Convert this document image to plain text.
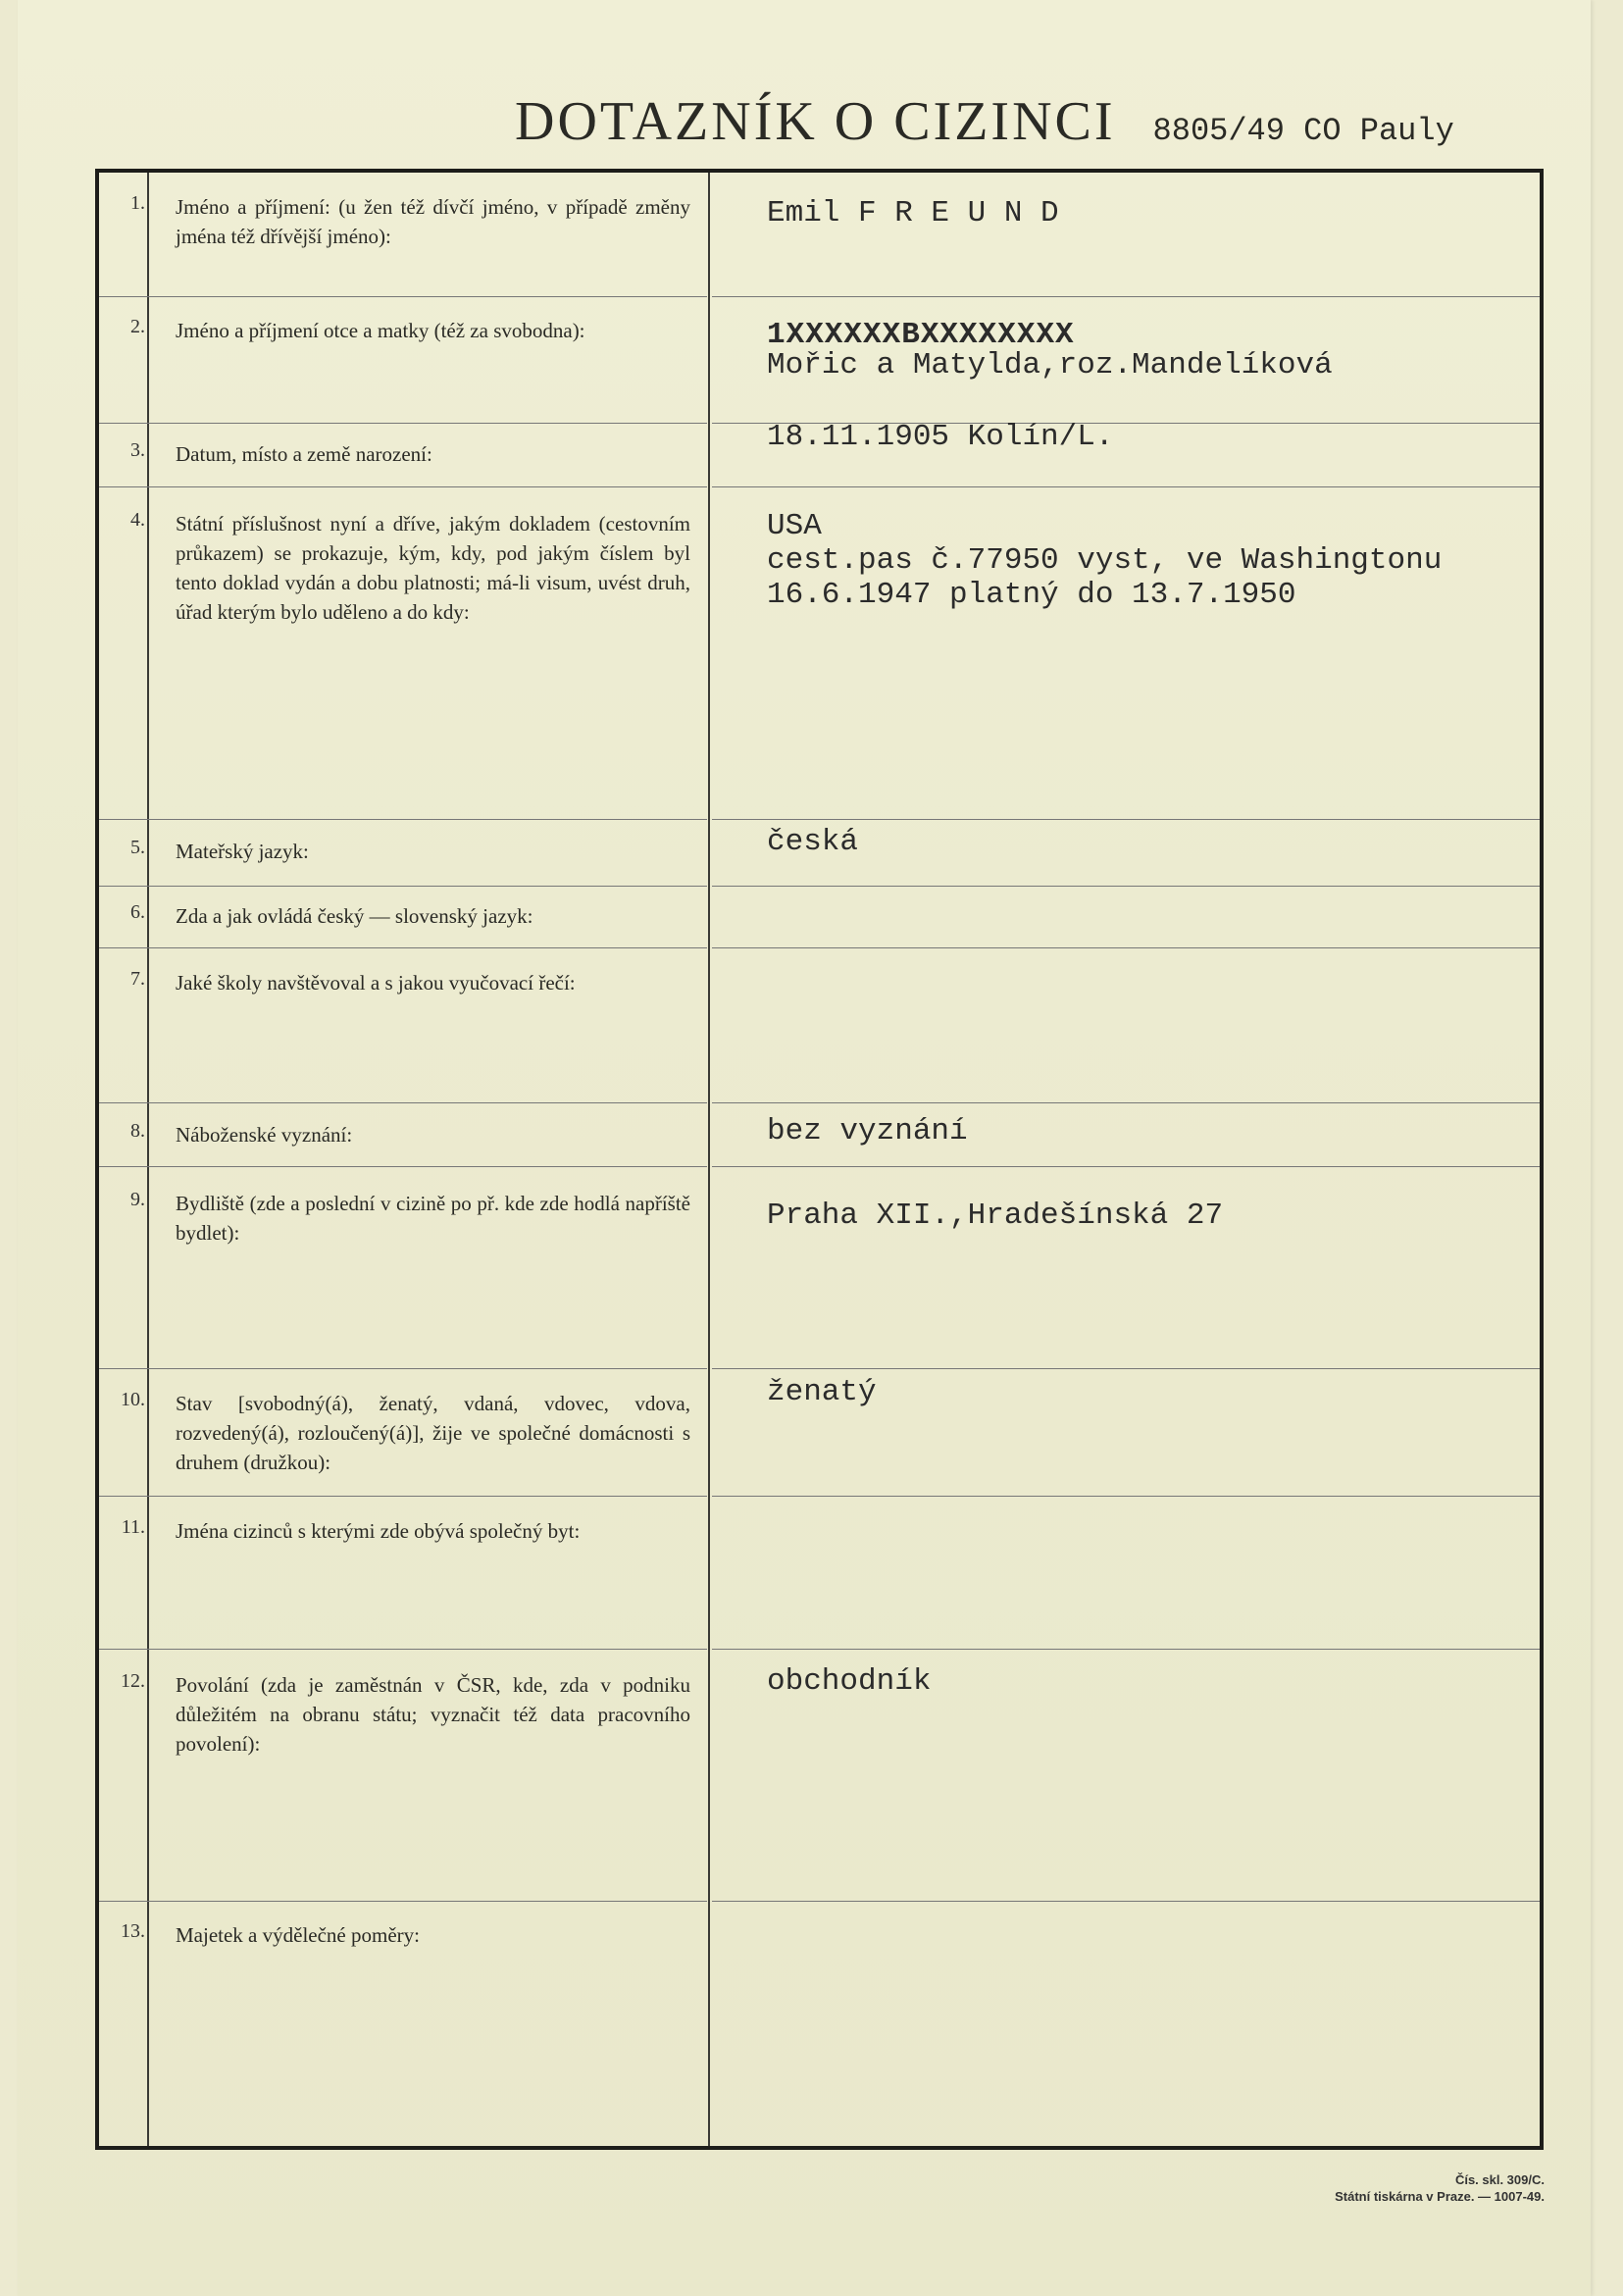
DOTAZNÍK O CIZINCI 8805/49 CO Pauly
1. Jméno a příjmení: (u žen též dívčí jméno, v případě změny jména též dřívější jméno):
Emil F R E U N D
2. Jméno a příjmení otce a matky (též za svobodna):	1XXXXXXBXXXXXXXX
Mořic a Matylda,roz.Mandelíková
3. Datum, místo a země narození:	18.11.1905 Kolín/L.
4. Státní příslušnost nyní a dříve, jakým dokladem (cestovním průkazem) se prokazuje, kým, kdy, pod jakým číslem byl tento doklad vydán a dobu platnosti; má-li visum, uvést druh, úřad kterým bylo uděleno a do kdy:
USA
cest.pas č.77950 vyst, ve Washingtonu
16.6.1947 platný do 13.7.1950
5. Mateřský jazyk:	česká
6. Zda a jak ovládá český — slovenský jazyk:
7. Jaké školy navštěvoval a s jakou vyučovací řečí:
8. Náboženské vyznání:	bez vyznání
9. Bydliště (zde a poslední v cizině po př. kde zde hodlá napříště bydlet):	Praha XII.,Hradešínská 27
10. Stav [svobodný(á), ženatý, vdaná, vdovec, vdova, rozvedený(á), rozloučený(á)], žije ve společné domácnosti s druhem (družkou):
ženatý
11. Jména cizinců s kterými zde obývá společný byt:
12. Povolání (zda je zaměstnán v ČSR, kde, zda v podniku důležitém na obranu státu; vyznačit též data pracovního povolení):
obchodník
13. Majetek a výdělečné poměry:
Čís. skl. 309/C.
Státní tiskárna v Praze. — 1007-49.
